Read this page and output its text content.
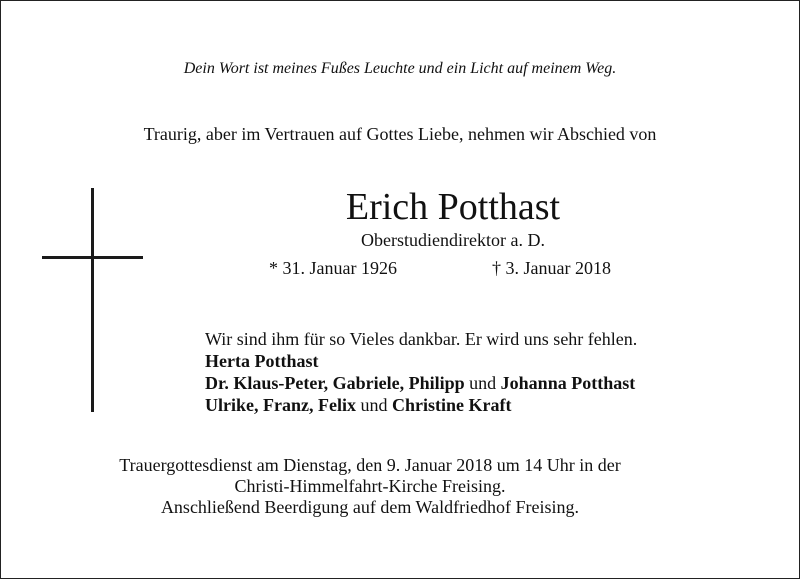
Dein Wort ist meines Fußes Leuchte und ein Licht auf meinem Weg.
Traurig, aber im Vertrauen auf Gottes Liebe, nehmen wir Abschied von
Erich Potthast
Oberstudiendirektor a. D.
* 31. Januar 1926	† 3. Januar 2018
Wir sind ihm für so Vieles dankbar. Er wird uns sehr fehlen.
Herta Potthast
Dr. Klaus-Peter, Gabriele, Philipp und Johanna Potthast
Ulrike, Franz, Felix und Christine Kraft
Trauergottesdienst am Dienstag, den 9. Januar 2018 um 14 Uhr in der
Christi-Himmelfahrt-Kirche Freising.
Anschließend Beerdigung auf dem Waldfriedhof Freising.
